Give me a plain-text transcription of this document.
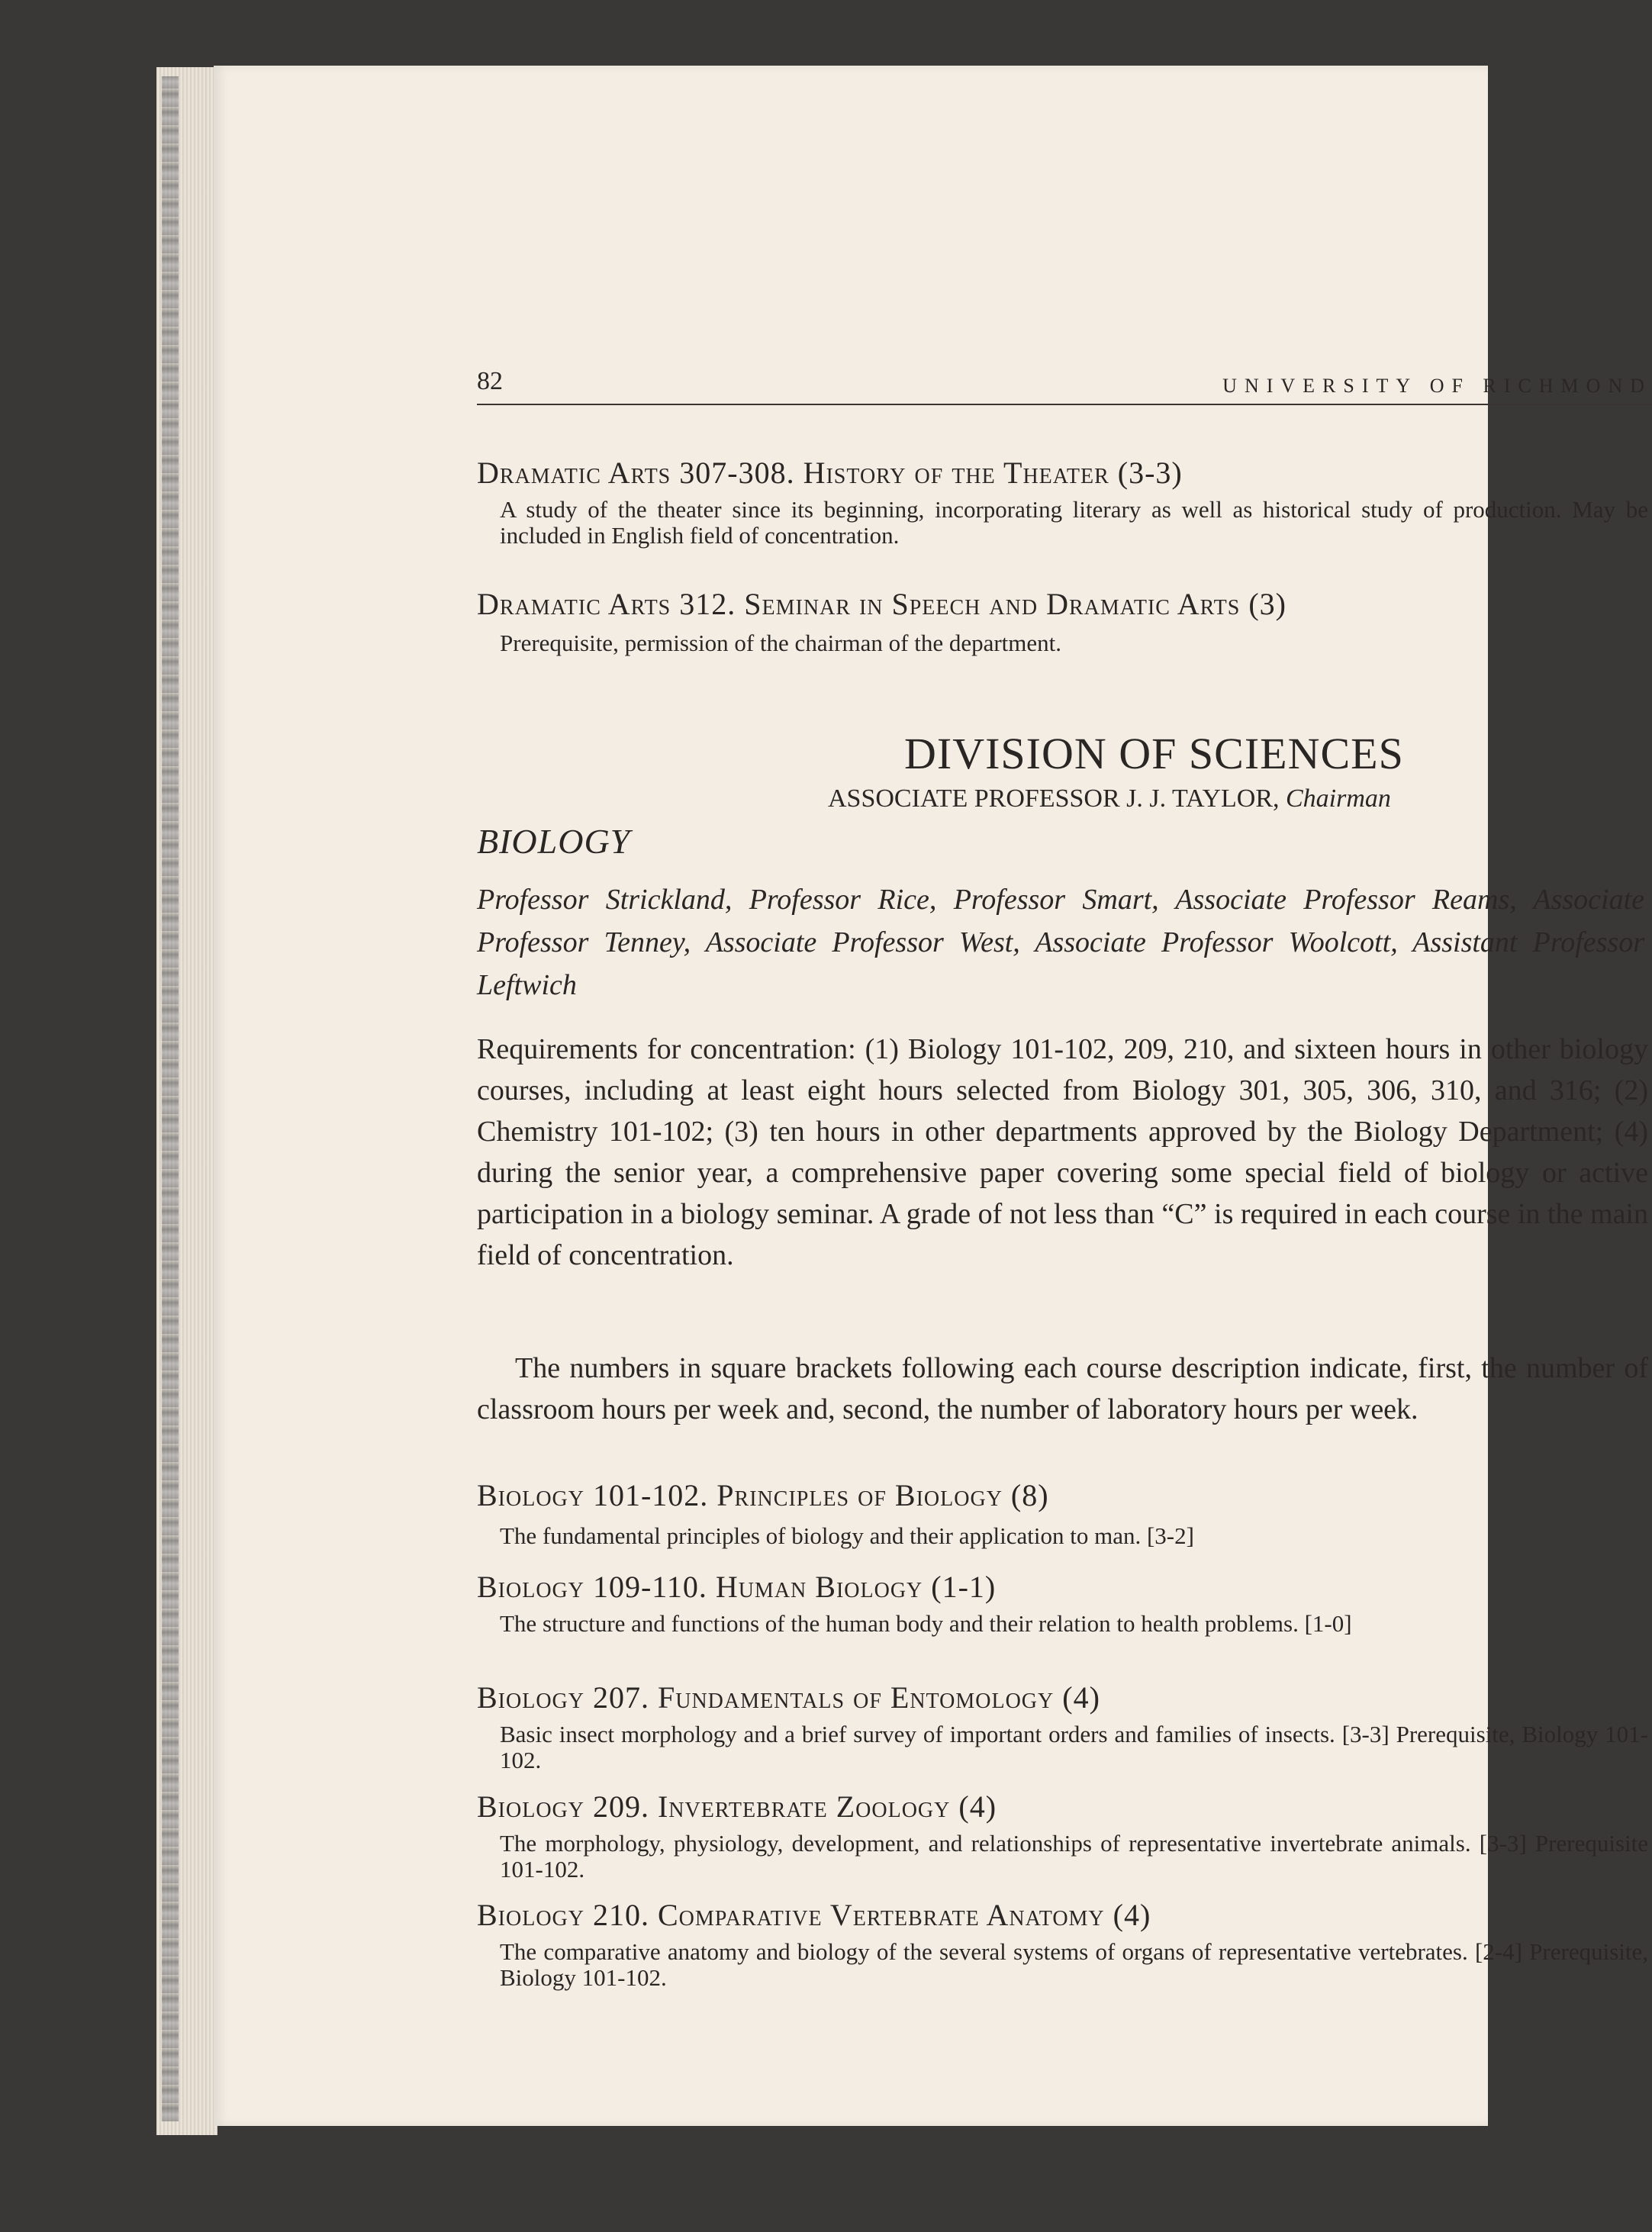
82	UNIVERSITY OF RICHMOND
Dramatic Arts 307-308. History of the Theater (3-3)
A study of the theater since its beginning, incorporating literary as well as historical study of production. May be included in English field of concentration.
Dramatic Arts 312. Seminar in Speech and Dramatic Arts (3)
Prerequisite, permission of the chairman of the department.
DIVISION OF SCIENCES
ASSOCIATE PROFESSOR J. J. TAYLOR, Chairman
BIOLOGY
Professor Strickland, Professor Rice, Professor Smart, Associate Professor Reams, Associate Professor Tenney, Associate Professor West, Associate Professor Woolcott, Assistant Professor Leftwich
Requirements for concentration: (1) Biology 101-102, 209, 210, and sixteen hours in other biology courses, including at least eight hours selected from Biology 301, 305, 306, 310, and 316; (2) Chemistry 101-102; (3) ten hours in other departments approved by the Biology Department; (4) during the senior year, a comprehensive paper covering some special field of biology or active participation in a biology seminar. A grade of not less than “C” is required in each course in the main field of concentration.
The numbers in square brackets following each course description indicate, first, the number of classroom hours per week and, second, the number of laboratory hours per week.
Biology 101-102. Principles of Biology (8)
The fundamental principles of biology and their application to man. [3-2]
Biology 109-110. Human Biology (1-1)
The structure and functions of the human body and their relation to health problems. [1-0]
Biology 207. Fundamentals of Entomology (4)
Basic insect morphology and a brief survey of important orders and families of insects. [3-3] Prerequisite, Biology 101-102.
Biology 209. Invertebrate Zoology (4)
The morphology, physiology, development, and relationships of representative invertebrate animals. [3-3] Prerequisite 101-102.
Biology 210. Comparative Vertebrate Anatomy (4)
The comparative anatomy and biology of the several systems of organs of representative vertebrates. [2-4] Prerequisite, Biology 101-102.
